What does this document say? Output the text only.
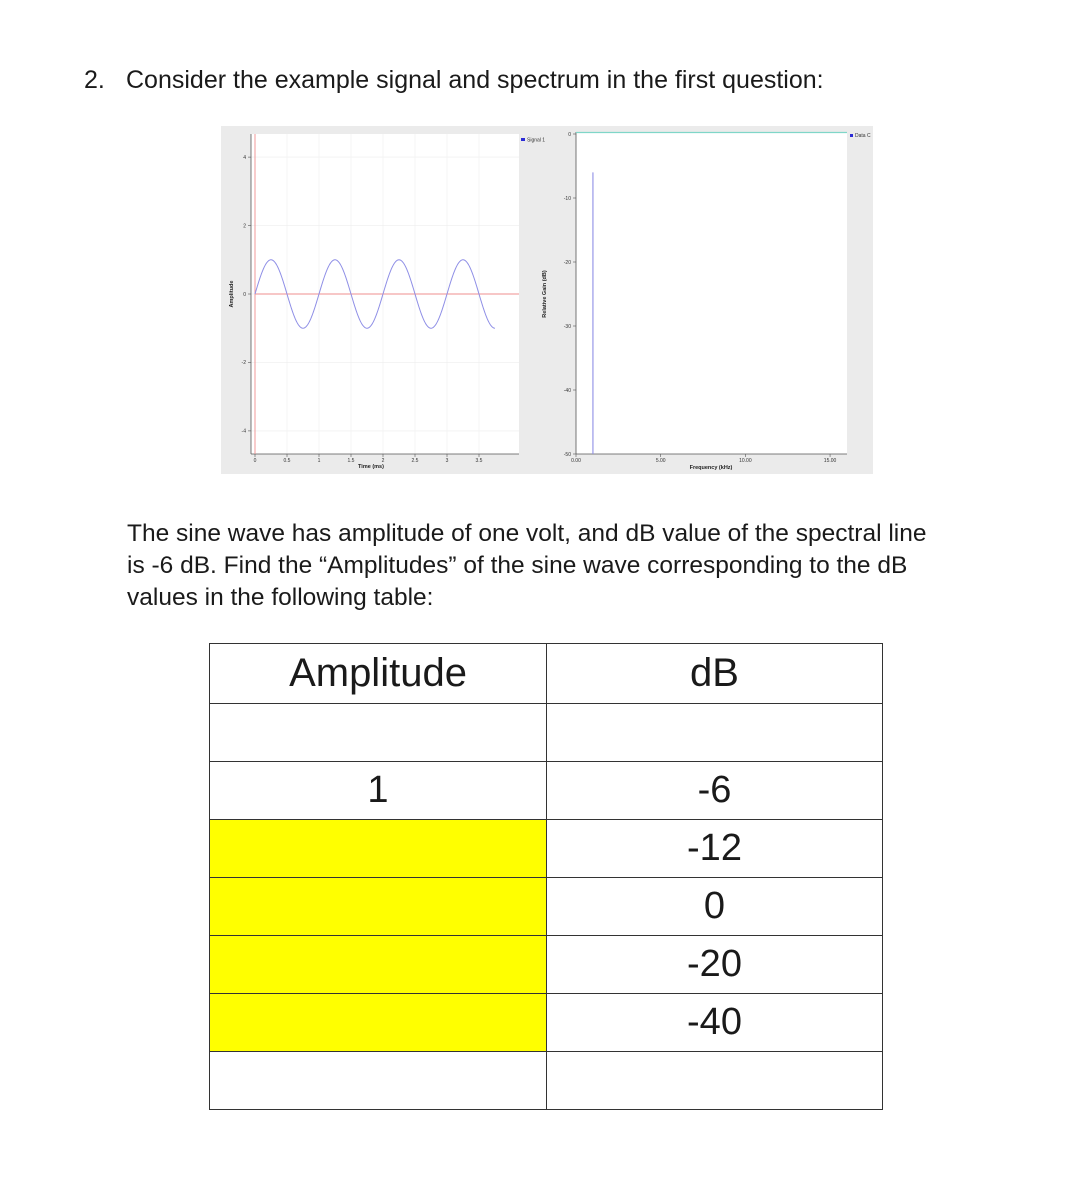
2. Consider the example signal and spectrum in the first question:
4
2
0
-2
-4
0	0.5	1	1.5	2	2.5	3	3.5
Signal 1
Time (ms)
Amplitude
0
-10
-20
-30
-40
-50
0.00	5.00	10.00	15.00
Data C
Frequency (kHz)
Relative Gain (dB)
The sine wave has amplitude of one volt, and dB value of the spectral line
is -6 dB. Find the “Amplitudes” of the sine wave corresponding to the dB
values in the following table:
Amplitude	dB

1	-6
	-12
	0
	-20
	-40
